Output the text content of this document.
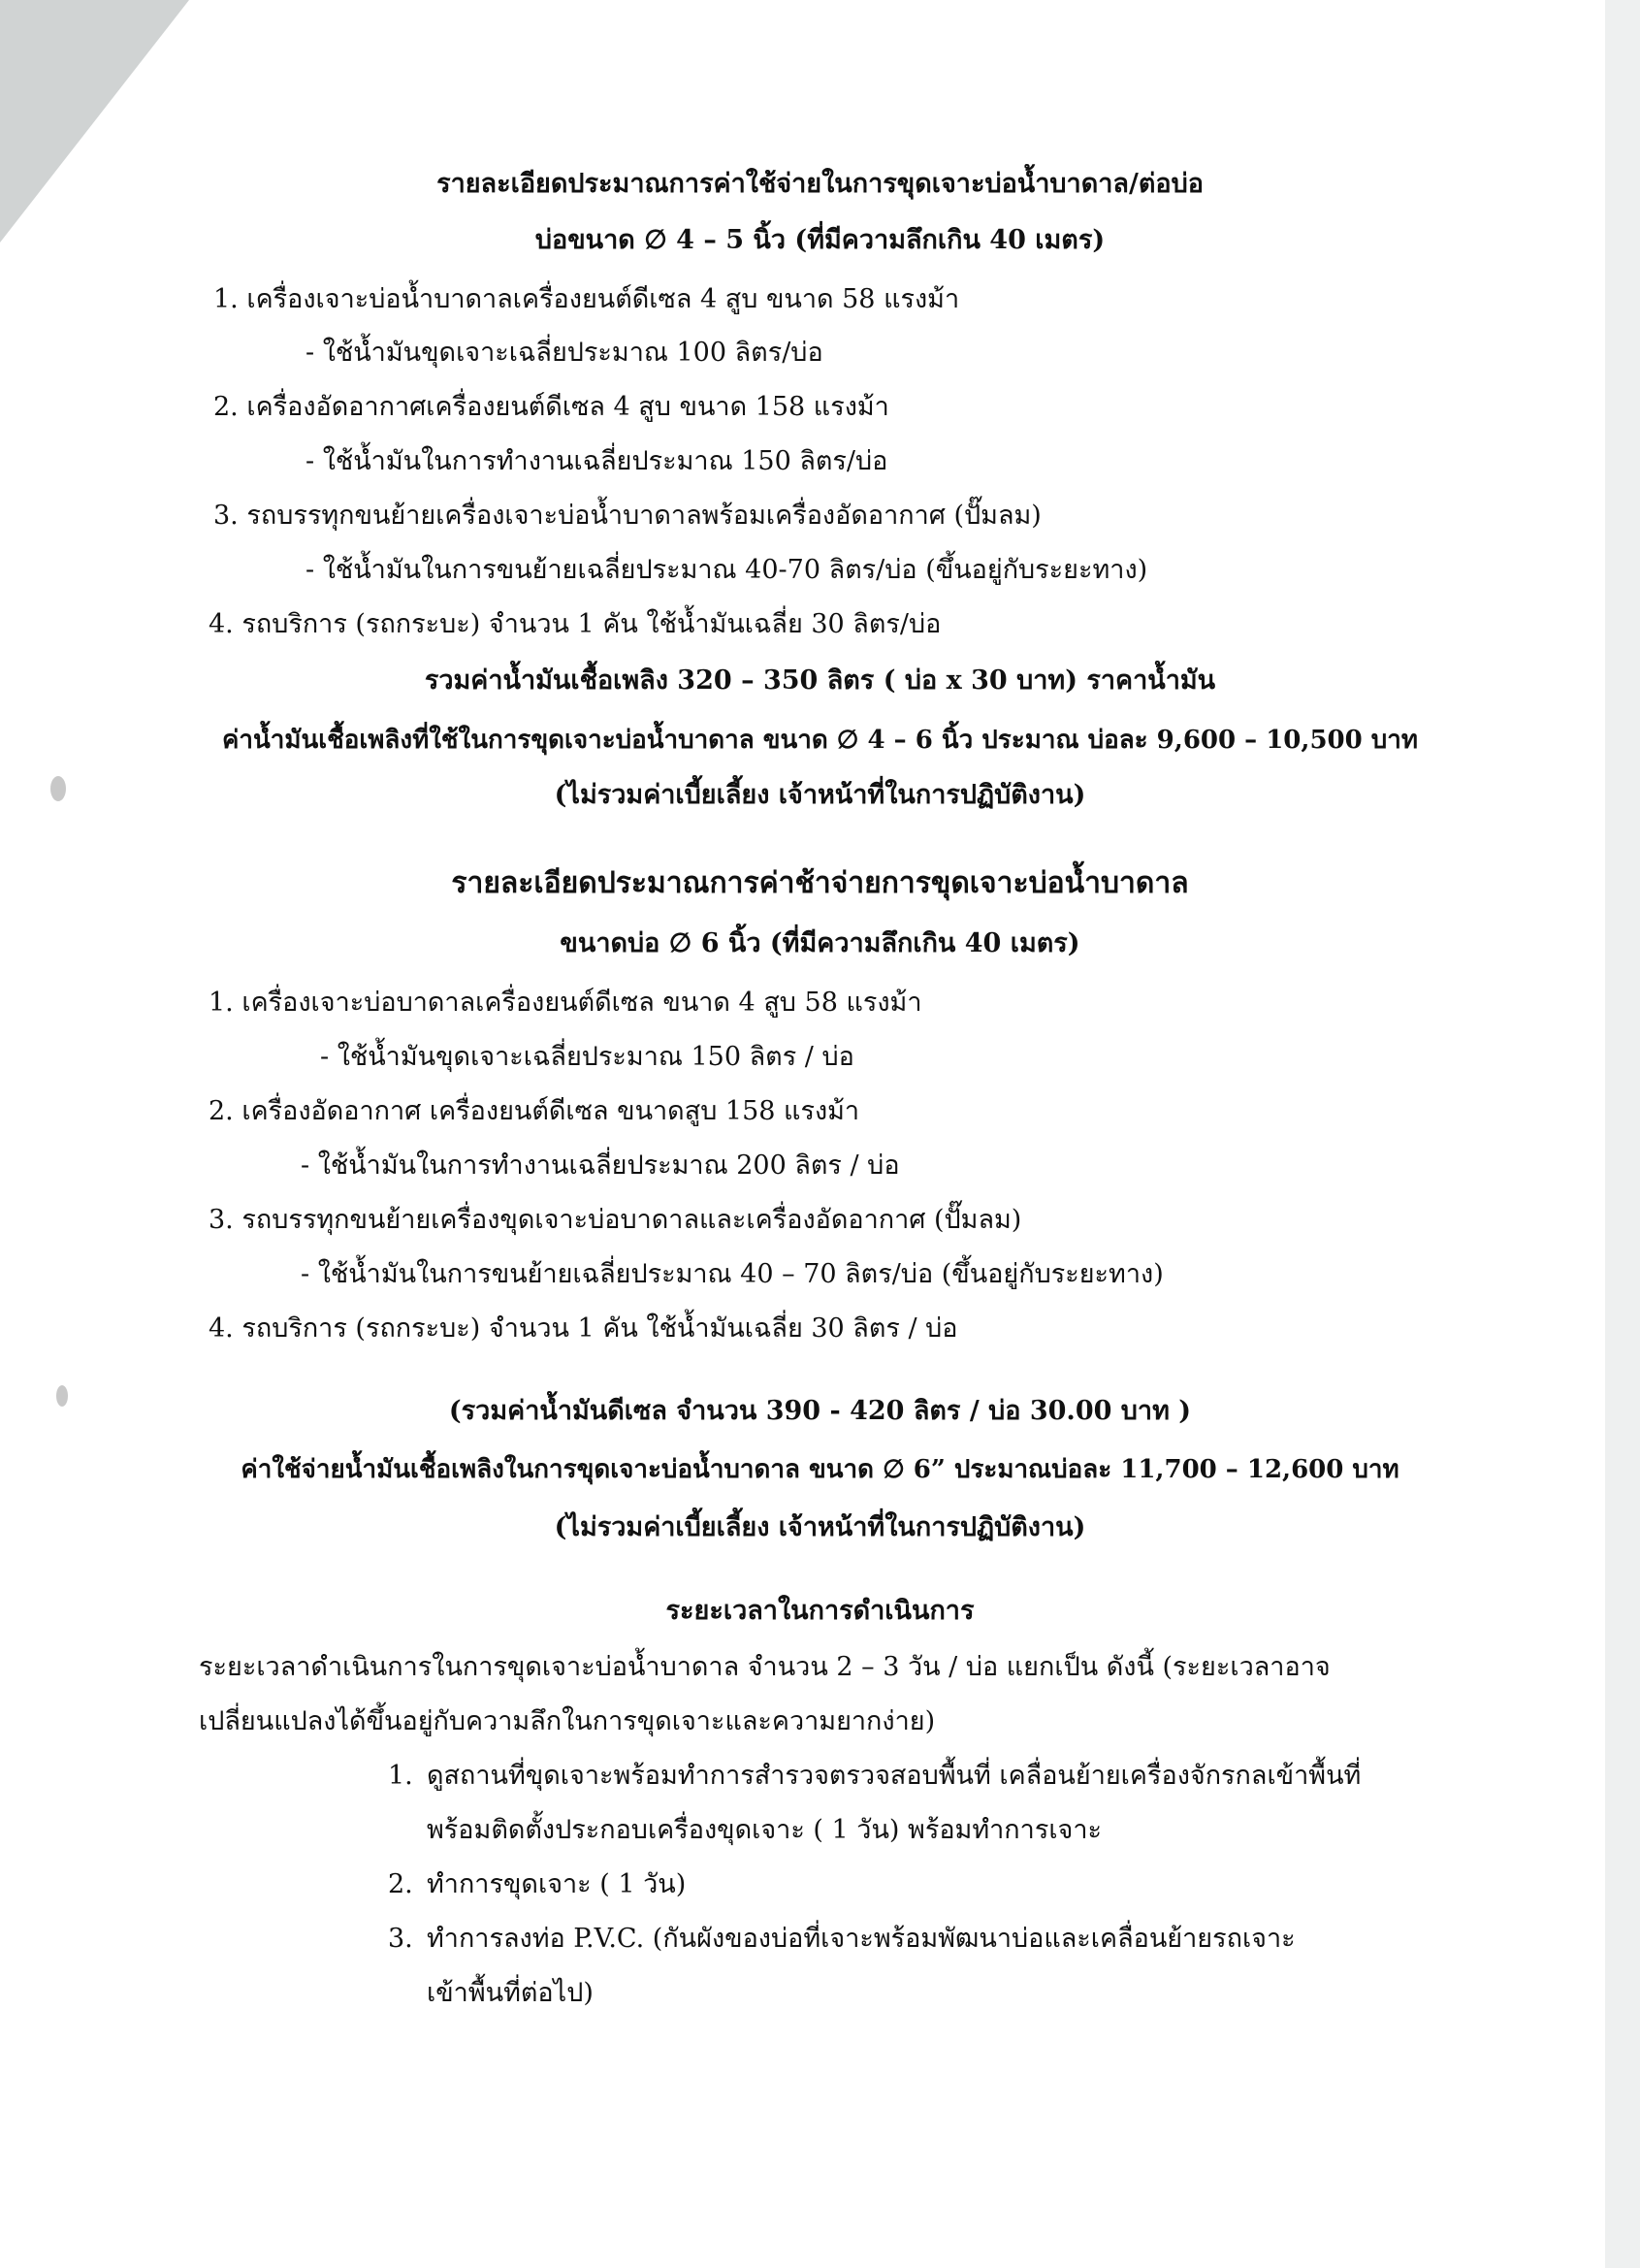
รายละเอียดประมาณการค่าใช้จ่ายในการขุดเจาะบ่อน้ำบาดาล/ต่อบ่อ
บ่อขนาด ∅ 4 – 5 นิ้ว (ที่มีความลึกเกิน 40 เมตร)
1. เครื่องเจาะบ่อน้ำบาดาลเครื่องยนต์ดีเซล 4 สูบ ขนาด 58 แรงม้า
- ใช้น้ำมันขุดเจาะเฉลี่ยประมาณ 100 ลิตร/บ่อ
2. เครื่องอัดอากาศเครื่องยนต์ดีเซล 4 สูบ ขนาด 158 แรงม้า
- ใช้น้ำมันในการทำงานเฉลี่ยประมาณ 150 ลิตร/บ่อ
3. รถบรรทุกขนย้ายเครื่องเจาะบ่อน้ำบาดาลพร้อมเครื่องอัดอากาศ (ปั๊มลม)
- ใช้น้ำมันในการขนย้ายเฉลี่ยประมาณ 40-70 ลิตร/บ่อ (ขึ้นอยู่กับระยะทาง)
4. รถบริการ (รถกระบะ) จำนวน 1 คัน ใช้น้ำมันเฉลี่ย 30 ลิตร/บ่อ
รวมค่าน้ำมันเชื้อเพลิง 320 – 350 ลิตร ( บ่อ x 30 บาท) ราคาน้ำมัน
ค่าน้ำมันเชื้อเพลิงที่ใช้ในการขุดเจาะบ่อน้ำบาดาล ขนาด ∅ 4 – 6 นิ้ว ประมาณ บ่อละ 9,600 – 10,500 บาท
(ไม่รวมค่าเบี้ยเลี้ยง เจ้าหน้าที่ในการปฏิบัติงาน)
รายละเอียดประมาณการค่าช้าจ่ายการขุดเจาะบ่อน้ำบาดาล
ขนาดบ่อ ∅ 6 นิ้ว (ที่มีความลึกเกิน 40 เมตร)
1. เครื่องเจาะบ่อบาดาลเครื่องยนต์ดีเซล ขนาด 4 สูบ 58 แรงม้า
- ใช้น้ำมันขุดเจาะเฉลี่ยประมาณ 150 ลิตร / บ่อ
2. เครื่องอัดอากาศ เครื่องยนต์ดีเซล ขนาดสูบ 158 แรงม้า
- ใช้น้ำมันในการทำงานเฉลี่ยประมาณ 200 ลิตร / บ่อ
3. รถบรรทุกขนย้ายเครื่องขุดเจาะบ่อบาดาลและเครื่องอัดอากาศ (ปั๊มลม)
- ใช้น้ำมันในการขนย้ายเฉลี่ยประมาณ 40 – 70 ลิตร/บ่อ (ขึ้นอยู่กับระยะทาง)
4. รถบริการ (รถกระบะ) จำนวน 1 คัน ใช้น้ำมันเฉลี่ย 30 ลิตร / บ่อ
(รวมค่าน้ำมันดีเซล จำนวน 390 - 420 ลิตร / บ่อ 30.00 บาท )
ค่าใช้จ่ายน้ำมันเชื้อเพลิงในการขุดเจาะบ่อน้ำบาดาล ขนาด ∅ 6” ประมาณบ่อละ 11,700 – 12,600 บาท
(ไม่รวมค่าเบี้ยเลี้ยง เจ้าหน้าที่ในการปฏิบัติงาน)
ระยะเวลาในการดำเนินการ
ระยะเวลาดำเนินการในการขุดเจาะบ่อน้ำบาดาล จำนวน 2 – 3 วัน / บ่อ แยกเป็น ดังนี้ (ระยะเวลาอาจ
เปลี่ยนแปลงได้ขึ้นอยู่กับความลึกในการขุดเจาะและความยากง่าย)
1. ดูสถานที่ขุดเจาะพร้อมทำการสำรวจตรวจสอบพื้นที่ เคลื่อนย้ายเครื่องจักรกลเข้าพื้นที่
พร้อมติดตั้งประกอบเครื่องขุดเจาะ ( 1 วัน) พร้อมทำการเจาะ
2. ทำการขุดเจาะ ( 1 วัน)
3. ทำการลงท่อ P.V.C. (กันผังของบ่อที่เจาะพร้อมพัฒนาบ่อและเคลื่อนย้ายรถเจาะ
เข้าพื้นที่ต่อไป)
